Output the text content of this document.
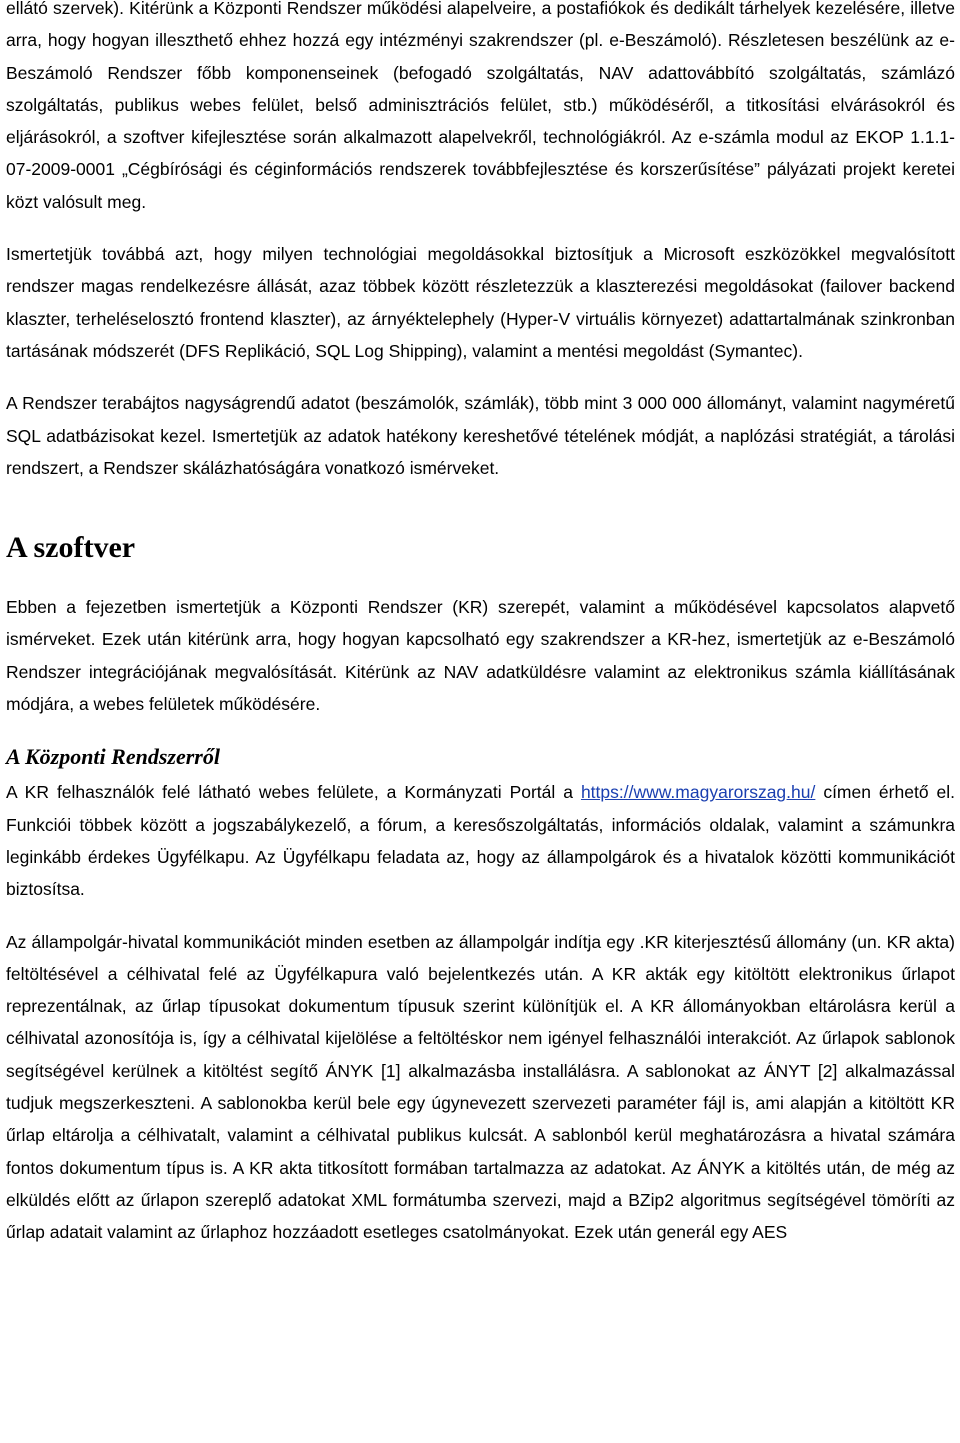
ellátó szervek). Kitérünk a Központi Rendszer működési alapelveire, a postafiókok és dedikált tárhelyek kezelésére, illetve arra, hogy hogyan illeszthető ehhez hozzá egy intézményi szakrendszer (pl. e-Beszámoló). Részletesen beszélünk az e-Beszámoló Rendszer főbb komponenseinek (befogadó szolgáltatás, NAV adattovábbító szolgáltatás, számlázó szolgáltatás, publikus webes felület, belső adminisztrációs felület, stb.) működéséről, a titkosítási elvárásokról és eljárásokról, a szoftver kifejlesztése során alkalmazott alapelvekről, technológiákról. Az e-számla modul az EKOP 1.1.1-07-2009-0001 „Cégbírósági és céginformációs rendszerek továbbfejlesztése és korszerűsítése” pályázati projekt keretei közt valósult meg.

Ismertetjük továbbá azt, hogy milyen technológiai megoldásokkal biztosítjuk a Microsoft eszközökkel megvalósított rendszer magas rendelkezésre állását, azaz többek között részletezzük a klaszterezési megoldásokat (failover backend klaszter, terheléselosztó frontend klaszter), az árnyéktelephely (Hyper-V virtuális környezet) adattartalmának szinkronban tartásának módszerét (DFS Replikáció, SQL Log Shipping), valamint a mentési megoldást (Symantec).

A Rendszer terabájtos nagyságrendű adatot (beszámolók, számlák), több mint 3 000 000 állományt, valamint nagyméretű SQL adatbázisokat kezel. Ismertetjük az adatok hatékony kereshetővé tételének módját, a naplózási stratégiát, a tárolási rendszert, a Rendszer skálázhatóságára vonatkozó ismérveket.

A szoftver

Ebben a fejezetben ismertetjük a Központi Rendszer (KR) szerepét, valamint a működésével kapcsolatos alapvető ismérveket. Ezek után kitérünk arra, hogy hogyan kapcsolható egy szakrendszer a KR-hez, ismertetjük az e-Beszámoló Rendszer integrációjának megvalósítását. Kitérünk az NAV adatküldésre valamint az elektronikus számla kiállításának módjára, a webes felületek működésére.

A Központi Rendszerről

A KR felhasználók felé látható webes felülete, a Kormányzati Portál a https://www.magyarorszag.hu/ címen érhető el. Funkciói többek között a jogszabálykezelő, a fórum, a keresőszolgáltatás, információs oldalak, valamint a számunkra leginkább érdekes Ügyfélkapu. Az Ügyfélkapu feladata az, hogy az állampolgárok és a hivatalok közötti kommunikációt biztosítsa.

Az állampolgár-hivatal kommunikációt minden esetben az állampolgár indítja egy .KR kiterjesztésű állomány (un. KR akta) feltöltésével a célhivatal felé az Ügyfélkapura való bejelentkezés után. A KR akták egy kitöltött elektronikus űrlapot reprezentálnak, az űrlap típusokat dokumentum típusuk szerint különítjük el. A KR állományokban eltárolásra kerül a célhivatal azonosítója is, így a célhivatal kijelölése a feltöltéskor nem igényel felhasználói interakciót. Az űrlapok sablonok segítségével kerülnek a kitöltést segítő ÁNYK [1] alkalmazásba installálásra. A sablonokat az ÁNYT [2] alkalmazással tudjuk megszerkeszteni. A sablonokba kerül bele egy úgynevezett szervezeti paraméter fájl is, ami alapján a kitöltött KR űrlap eltárolja a célhivatalt, valamint a célhivatal publikus kulcsát. A sablonból kerül meghatározásra a hivatal számára fontos dokumentum típus is. A KR akta titkosított formában tartalmazza az adatokat. Az ÁNYK a kitöltés után, de még az elküldés előtt az űrlapon szereplő adatokat XML formátumba szervezi, majd a BZip2 algoritmus segítségével tömöríti az űrlap adatait valamint az űrlaphoz hozzáadott esetleges csatolmányokat. Ezek után generál egy AES
